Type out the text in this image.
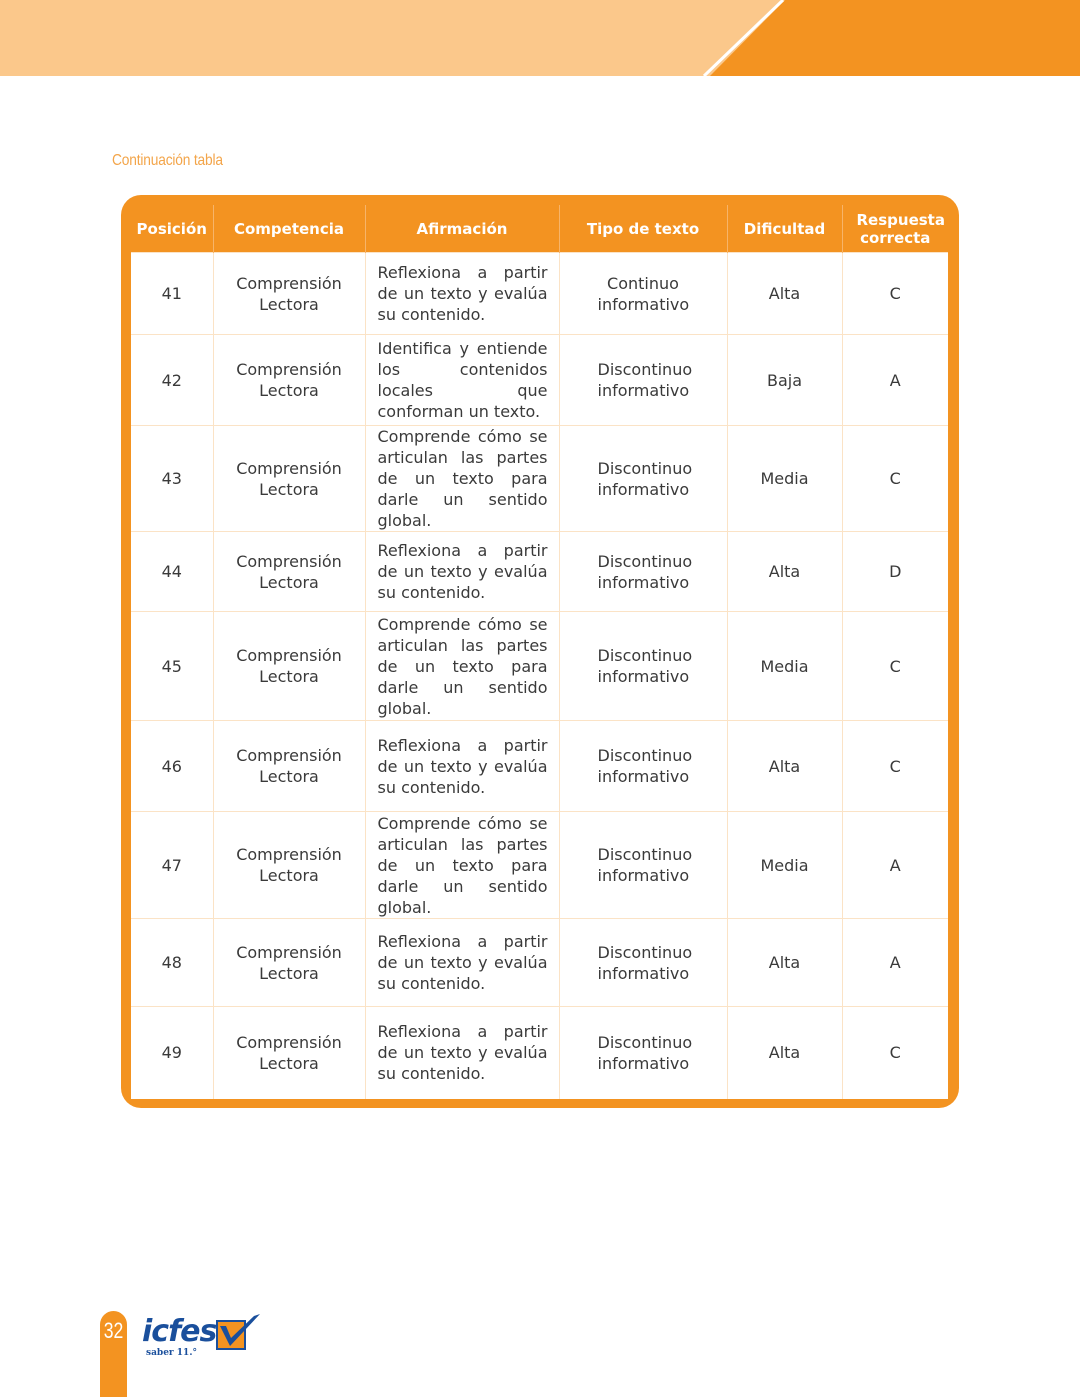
Continuación tabla
Posición	Competencia	Afirmación	Tipo de texto	Dificultad	Respuesta correcta
41	Comprensión Lectora	Reflexiona a partir de un texto y evalúa su contenido.	Continuo informativo	Alta	C
42	Comprensión Lectora	Identifica y entiende los contenidos locales que conforman un texto.	Discontinuo informativo	Baja	A
43	Comprensión Lectora	Comprende cómo se articulan las partes de un texto para darle un sentido global.	Discontinuo informativo	Media	C
44	Comprensión Lectora	Reflexiona a partir de un texto y evalúa su contenido.	Discontinuo informativo	Alta	D
45	Comprensión Lectora	Comprende cómo se articulan las partes de un texto para darle un sentido global.	Discontinuo informativo	Media	C
46	Comprensión Lectora	Reflexiona a partir de un texto y evalúa su contenido.	Discontinuo informativo	Alta	C
47	Comprensión Lectora	Comprende cómo se articulan las partes de un texto para darle un sentido global.	Discontinuo informativo	Media	A
48	Comprensión Lectora	Reflexiona a partir de un texto y evalúa su contenido.	Discontinuo informativo	Alta	A
49	Comprensión Lectora	Reflexiona a partir de un texto y evalúa su contenido.	Discontinuo informativo	Alta	C
32 icfes
saber 11.°
